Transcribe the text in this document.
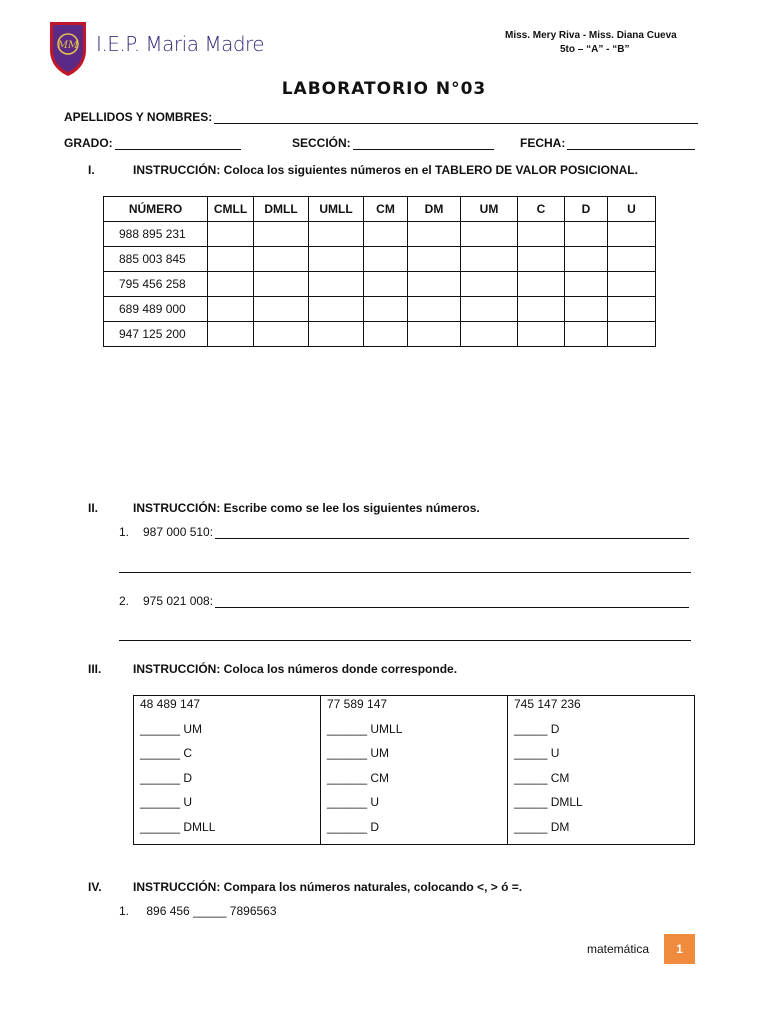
MM I.E.P. Maria Madre	Miss. Mery Riva - Miss. Diana Cueva
5to – “A” - “B”
LABORATORIO N°03
APELLIDOS Y NOMBRES:
GRADO:	SECCIÓN:	FECHA:
I.	INSTRUCCIÓN: Coloca los siguientes números en el TABLERO DE VALOR POSICIONAL.
NÚMERO	CMLL	DMLL	UMLL	CM	DM	UM	C	D	U
988 895 231									
885 003 845									
795 456 258									
689 489 000									
947 125 200									
II.	INSTRUCCIÓN: Escribe como se lee los siguientes números.
1.	987 000 510:
2.	975 021 008:
III.	INSTRUCCIÓN: Coloca los números donde corresponde.
48 489 147
______ UM
______ C
______ D
______ U
______ DMLL

77 589 147
______ UMLL
______ UM
______ CM
______ U
______ D

745 147 236
_____ D
_____ U
_____ CM
_____ DMLL
_____ DM
IV.	INSTRUCCIÓN: Compara los números naturales, colocando <, > ó =.
1. 896 456 _____ 7896563
matemática	1
